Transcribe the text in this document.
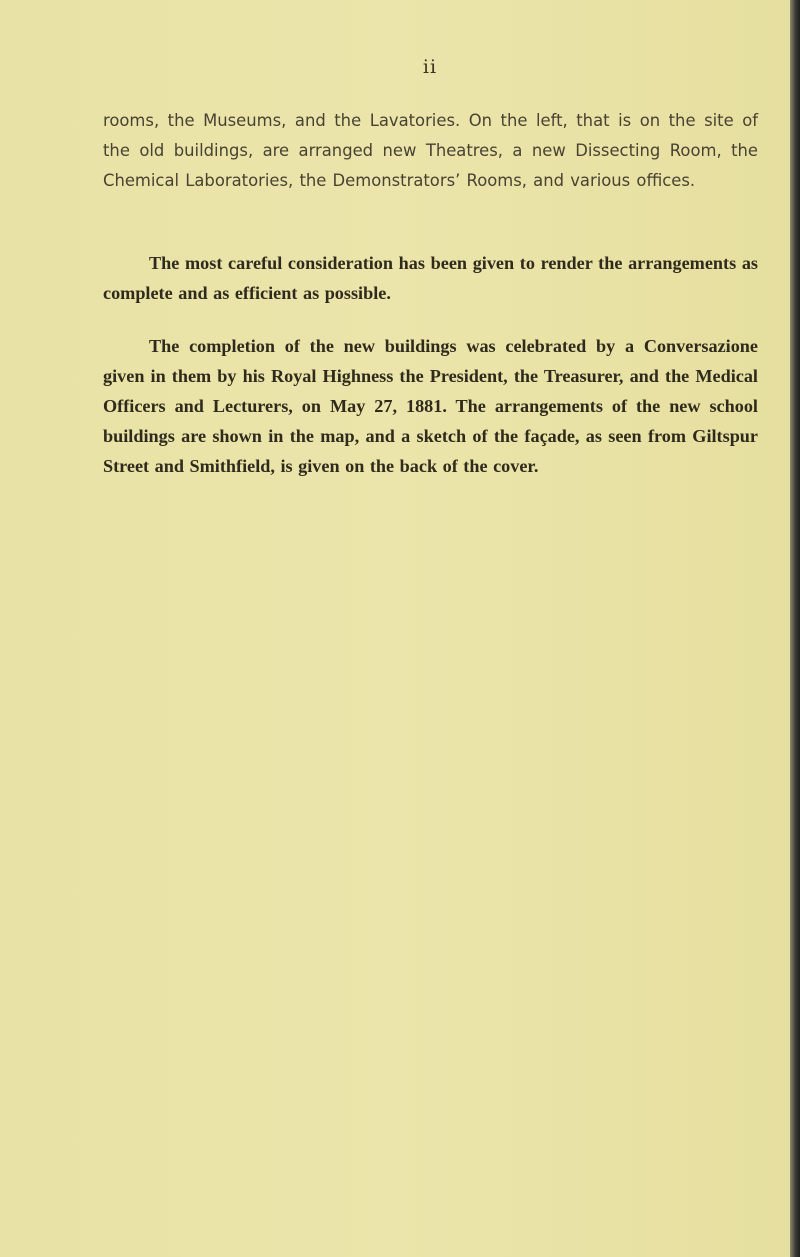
ii

rooms, the Museums, and the Lavatories. On the left, that is on the site of the old buildings, are arranged new Theatres, a new Dissecting Room, the Chemical Laboratories, the Demonstrators’ Rooms, and various offices.

The most careful consideration has been given to render the arrangements as complete and as efficient as possible.

The completion of the new buildings was celebrated by a Conversazione given in them by his Royal Highness the President, the Treasurer, and the Medical Officers and Lecturers, on May 27, 1881. The arrangements of the new school buildings are shown in the map, and a sketch of the façade, as seen from Giltspur Street and Smithfield, is given on the back of the cover.
